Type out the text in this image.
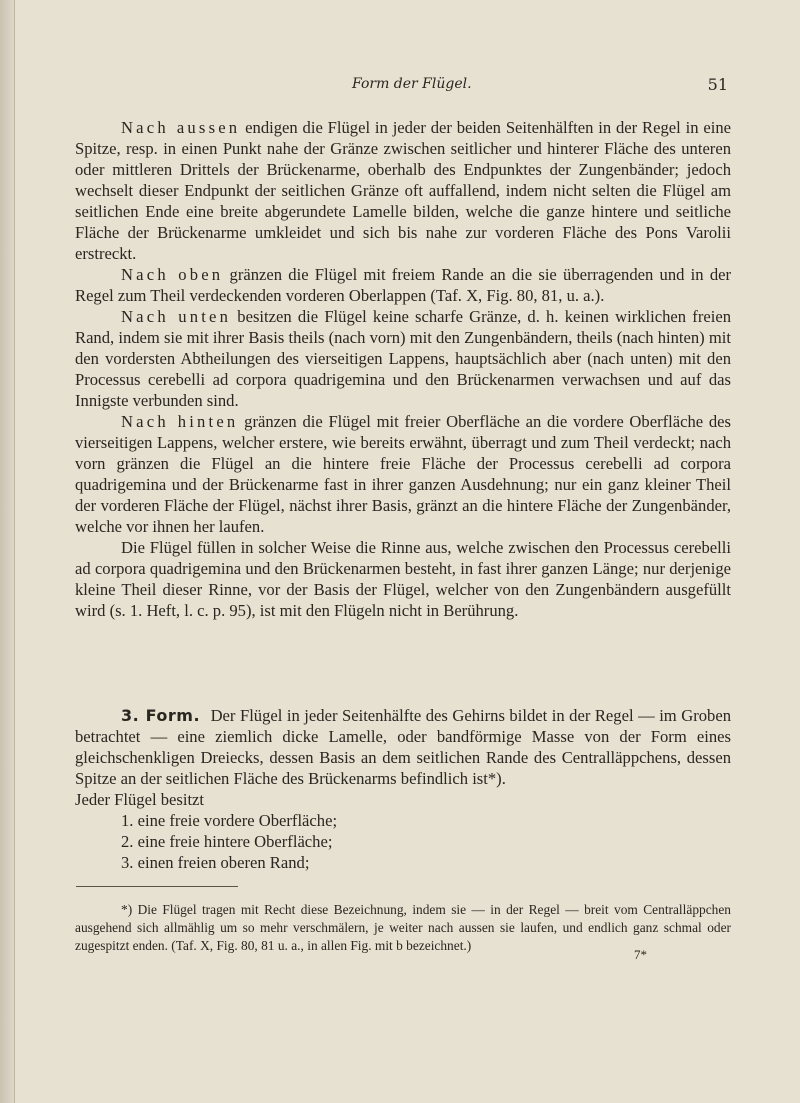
Form der Flügel.	51

Nach aussen endigen die Flügel in jeder der beiden Seitenhälften in der Regel in eine Spitze, resp. in einen Punkt nahe der Gränze zwischen seitlicher und hinterer Fläche des unteren oder mittleren Drittels der Brückenarme, oberhalb des Endpunktes der Zungenbänder; jedoch wechselt dieser Endpunkt der seitlichen Gränze oft auffallend, indem nicht selten die Flügel am seitlichen Ende eine breite abgerundete Lamelle bilden, welche die ganze hintere und seitliche Fläche der Brückenarme umkleidet und sich bis nahe zur vorderen Fläche des Pons Varolii erstreckt.

Nach oben gränzen die Flügel mit freiem Rande an die sie überragenden und in der Regel zum Theil verdeckenden vorderen Oberlappen (Taf. X, Fig. 80, 81, u. a.).

Nach unten besitzen die Flügel keine scharfe Gränze, d. h. keinen wirklichen freien Rand, indem sie mit ihrer Basis theils (nach vorn) mit den Zungenbändern, theils (nach hinten) mit den vordersten Abtheilungen des vierseitigen Lappens, hauptsächlich aber (nach unten) mit den Processus cerebelli ad corpora quadrigemina und den Brückenarmen verwachsen und auf das Innigste verbunden sind.

Nach hinten gränzen die Flügel mit freier Oberfläche an die vordere Oberfläche des vierseitigen Lappens, welcher erstere, wie bereits erwähnt, überragt und zum Theil verdeckt; nach vorn gränzen die Flügel an die hintere freie Fläche der Processus cerebelli ad corpora quadrigemina und der Brückenarme fast in ihrer ganzen Ausdehnung; nur ein ganz kleiner Theil der vorderen Fläche der Flügel, nächst ihrer Basis, gränzt an die hintere Fläche der Zungenbänder, welche vor ihnen her laufen.

Die Flügel füllen in solcher Weise die Rinne aus, welche zwischen den Processus cerebelli ad corpora quadrigemina und den Brückenarmen besteht, in fast ihrer ganzen Länge; nur derjenige kleine Theil dieser Rinne, vor der Basis der Flügel, welcher von den Zungenbändern ausgefüllt wird (s. 1. Heft, l. c. p. 95), ist mit den Flügeln nicht in Berührung.

3. Form. Der Flügel in jeder Seitenhälfte des Gehirns bildet in der Regel — im Groben betrachtet — eine ziemlich dicke Lamelle, oder bandförmige Masse von der Form eines gleichschenkligen Dreiecks, dessen Basis an dem seitlichen Rande des Centralläppchens, dessen Spitze an der seitlichen Fläche des Brückenarms befindlich ist*).

Jeder Flügel besitzt

1. eine freie vordere Oberfläche;

2. eine freie hintere Oberfläche;

3. einen freien oberen Rand;

*) Die Flügel tragen mit Recht diese Bezeichnung, indem sie — in der Regel — breit vom Centralläppchen ausgehend sich allmählig um so mehr verschmälern, je weiter nach aussen sie laufen, und endlich ganz schmal oder zugespitzt enden. (Taf. X, Fig. 80, 81 u. a., in allen Fig. mit b bezeichnet.)

7*
